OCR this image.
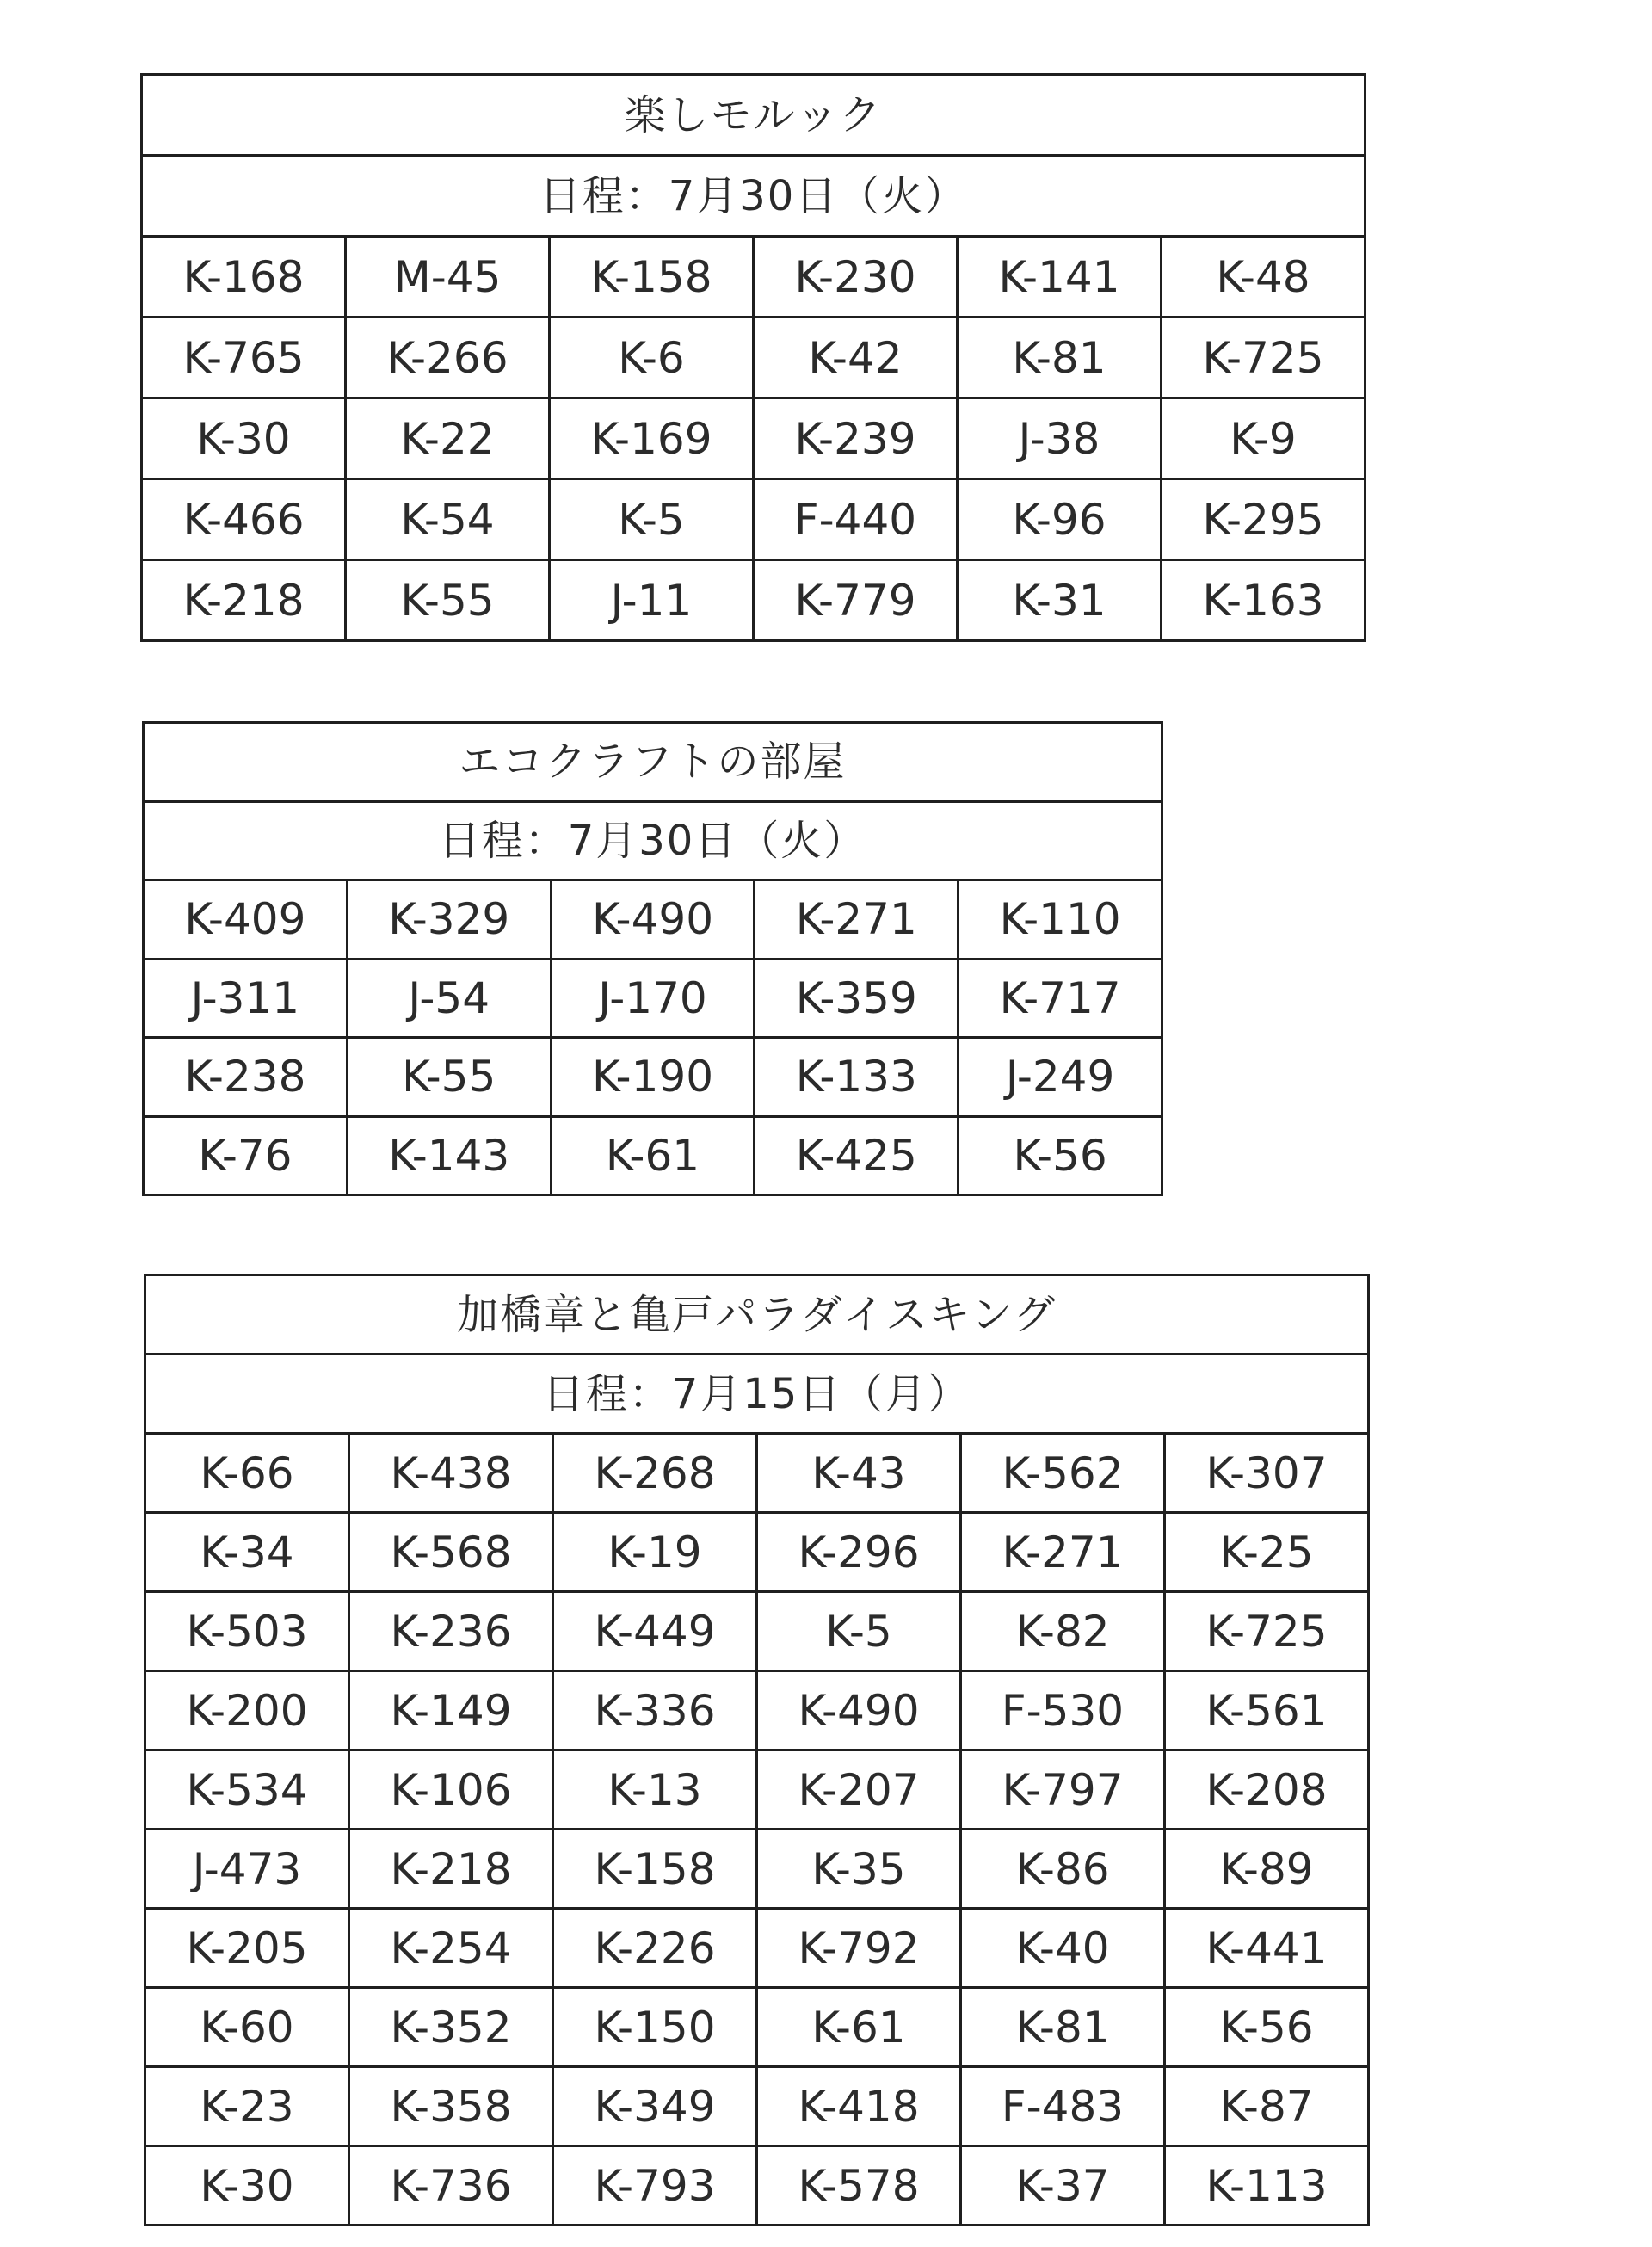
楽しモルック					
日程：7月30日（火）					
K-168	M-45	K-158	K-230	K-141	K-48
K-765	K-266	K-6	K-42	K-81	K-725
K-30	K-22	K-169	K-239	J-38	K-9
K-466	K-54	K-5	F-440	K-96	K-295
K-218	K-55	J-11	K-779	K-31	K-163
エコクラフトの部屋				
日程：7月30日（火）				
K-409	K-329	K-490	K-271	K-110
J-311	J-54	J-170	K-359	K-717
K-238	K-55	K-190	K-133	J-249
K-76	K-143	K-61	K-425	K-56
加橋章と亀戸パラダイスキング					
日程：7月15日（月）					
K-66	K-438	K-268	K-43	K-562	K-307
K-34	K-568	K-19	K-296	K-271	K-25
K-503	K-236	K-449	K-5	K-82	K-725
K-200	K-149	K-336	K-490	F-530	K-561
K-534	K-106	K-13	K-207	K-797	K-208
J-473	K-218	K-158	K-35	K-86	K-89
K-205	K-254	K-226	K-792	K-40	K-441
K-60	K-352	K-150	K-61	K-81	K-56
K-23	K-358	K-349	K-418	F-483	K-87
K-30	K-736	K-793	K-578	K-37	K-113
